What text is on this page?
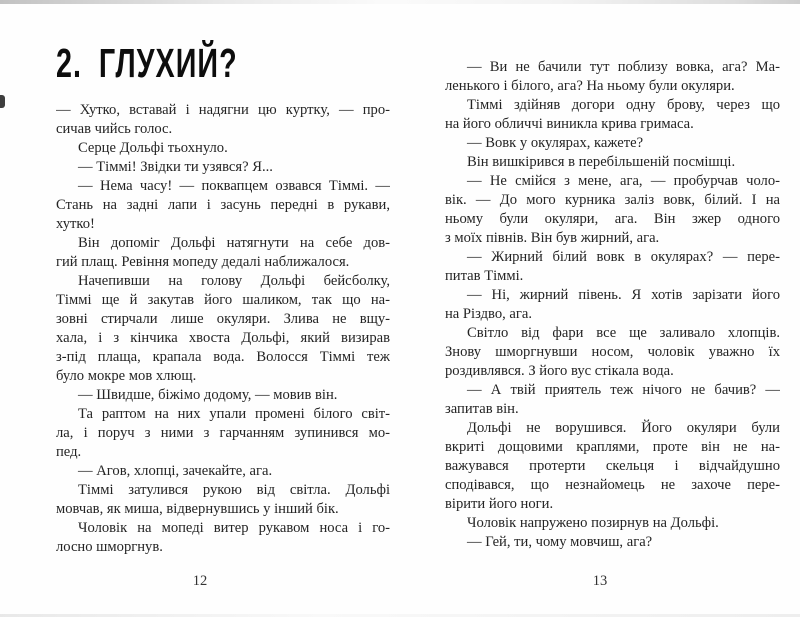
2. ГЛУХИЙ?
— Хутко, вставай і надягни цю куртку, — про-
сичав чийсь голос.
Серце Дольфі тьохнуло.
— Тіммі! Звідки ти узявся? Я...
— Нема часу! — поквапцем озвався Тіммі. —
Стань на задні лапи і засунь передні в рукави,
хутко!
Він допоміг Дольфі натягнути на себе дов-
гий плащ. Ревіння мопеду дедалі наближалося.
Начепивши на голову Дольфі бейсболку,
Тіммі ще й закутав його шаликом, так що на-
зовні стирчали лише окуляри. Злива не вщу-
хала, і з кінчика хвоста Дольфі, який визирав
з-під плаща, крапала вода. Волосся Тіммі теж
було мокре мов хлющ.
— Швидше, біжімо додому, — мовив він.
Та раптом на них упали промені білого світ-
ла, і поруч з ними з гарчанням зупинився мо-
пед.
— Агов, хлопці, зачекайте, ага.
Тіммі затулився рукою від світла. Дольфі
мовчав, як миша, відвернувшись у інший бік.
Чоловік на мопеді витер рукавом носа і го-
лосно шморгнув.
12
— Ви не бачили тут поблизу вовка, ага? Ма-
ленького і білого, ага? На ньому були окуляри.
Тіммі здійняв догори одну брову, через що
на його обличчі виникла крива гримаса.
— Вовк у окулярах, кажете?
Він вишкірився в перебільшеній посмішці.
— Не смійся з мене, ага, — пробурчав чоло-
вік. — До мого курника заліз вовк, білий. І на
ньому були окуляри, ага. Він зжер одного
з моїх півнів. Він був жирний, ага.
— Жирний білий вовк в окулярах? — пере-
питав Тіммі.
— Ні, жирний півень. Я хотів зарізати його
на Різдво, ага.
Світло від фари все ще заливало хлопців.
Знову шморгнувши носом, чоловік уважно їх
роздивлявся. З його вус стікала вода.
— А твій приятель теж нічого не бачив? —
запитав він.
Дольфі не ворушився. Його окуляри були
вкриті дощовими краплями, проте він не на-
важувався протерти скельця і відчайдушно
сподівався, що незнайомець не захоче пере-
вірити його ноги.
Чоловік напружено позирнув на Дольфі.
— Гей, ти, чому мовчиш, ага?
13
